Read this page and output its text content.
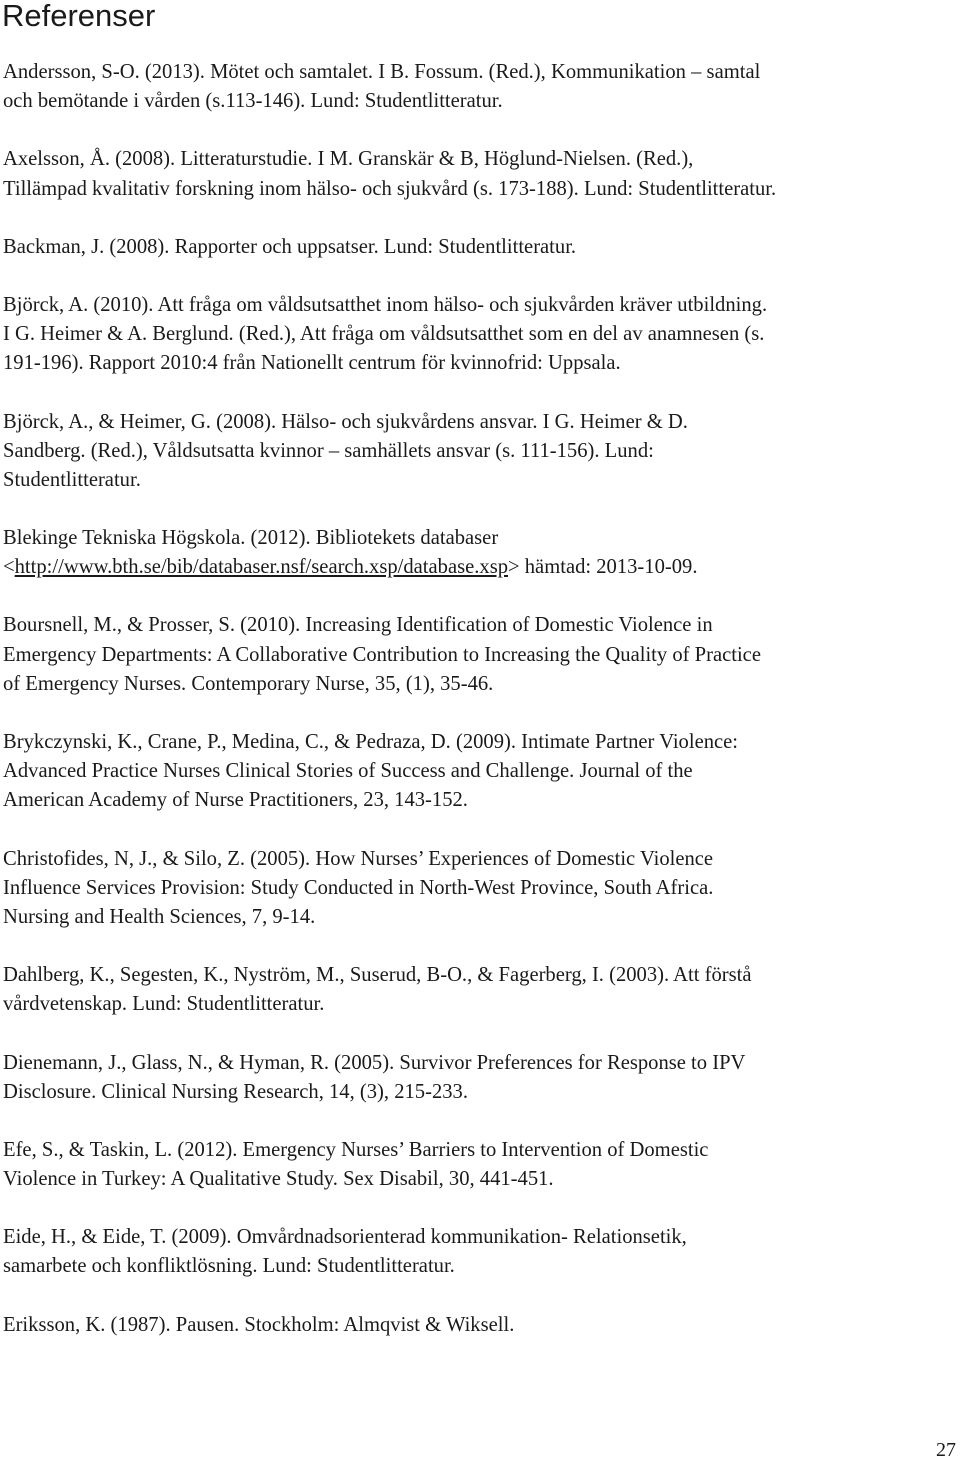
Referenser
Andersson, S-O. (2013). Mötet och samtalet. I B. Fossum. (Red.), Kommunikation – samtal
och bemötande i vården (s.113-146). Lund: Studentlitteratur.
Axelsson, Å. (2008). Litteraturstudie. I M. Granskär & B, Höglund-Nielsen. (Red.),
Tillämpad kvalitativ forskning inom hälso- och sjukvård (s. 173-188). Lund: Studentlitteratur.
Backman, J. (2008). Rapporter och uppsatser. Lund: Studentlitteratur.
Björck, A. (2010). Att fråga om våldsutsatthet inom hälso- och sjukvården kräver utbildning.
I G. Heimer & A. Berglund. (Red.), Att fråga om våldsutsatthet som en del av anamnesen (s.
191-196). Rapport 2010:4 från Nationellt centrum för kvinnofrid: Uppsala.
Björck, A., & Heimer, G. (2008). Hälso- och sjukvårdens ansvar. I G. Heimer & D.
Sandberg. (Red.), Våldsutsatta kvinnor – samhällets ansvar (s. 111-156). Lund:
Studentlitteratur.
Blekinge Tekniska Högskola. (2012). Bibliotekets databaser
<http://www.bth.se/bib/databaser.nsf/search.xsp/database.xsp> hämtad: 2013-10-09.
Boursnell, M., & Prosser, S. (2010). Increasing Identification of Domestic Violence in
Emergency Departments: A Collaborative Contribution to Increasing the Quality of Practice
of Emergency Nurses. Contemporary Nurse, 35, (1), 35-46.
Brykczynski, K., Crane, P., Medina, C., & Pedraza, D. (2009). Intimate Partner Violence:
Advanced Practice Nurses Clinical Stories of Success and Challenge. Journal of the
American Academy of Nurse Practitioners, 23, 143-152.
Christofides, N, J., & Silo, Z. (2005). How Nurses’ Experiences of Domestic Violence
Influence Services Provision: Study Conducted in North-West Province, South Africa.
Nursing and Health Sciences, 7, 9-14.
Dahlberg, K., Segesten, K., Nyström, M., Suserud, B-O., & Fagerberg, I. (2003). Att förstå
vårdvetenskap. Lund: Studentlitteratur.
Dienemann, J., Glass, N., & Hyman, R. (2005). Survivor Preferences for Response to IPV
Disclosure. Clinical Nursing Research, 14, (3), 215-233.
Efe, S., & Taskin, L. (2012). Emergency Nurses’ Barriers to Intervention of Domestic
Violence in Turkey: A Qualitative Study. Sex Disabil, 30, 441-451.
Eide, H., & Eide, T. (2009). Omvårdnadsorienterad kommunikation- Relationsetik,
samarbete och konfliktlösning. Lund: Studentlitteratur.
Eriksson, K. (1987). Pausen. Stockholm: Almqvist & Wiksell.
27
